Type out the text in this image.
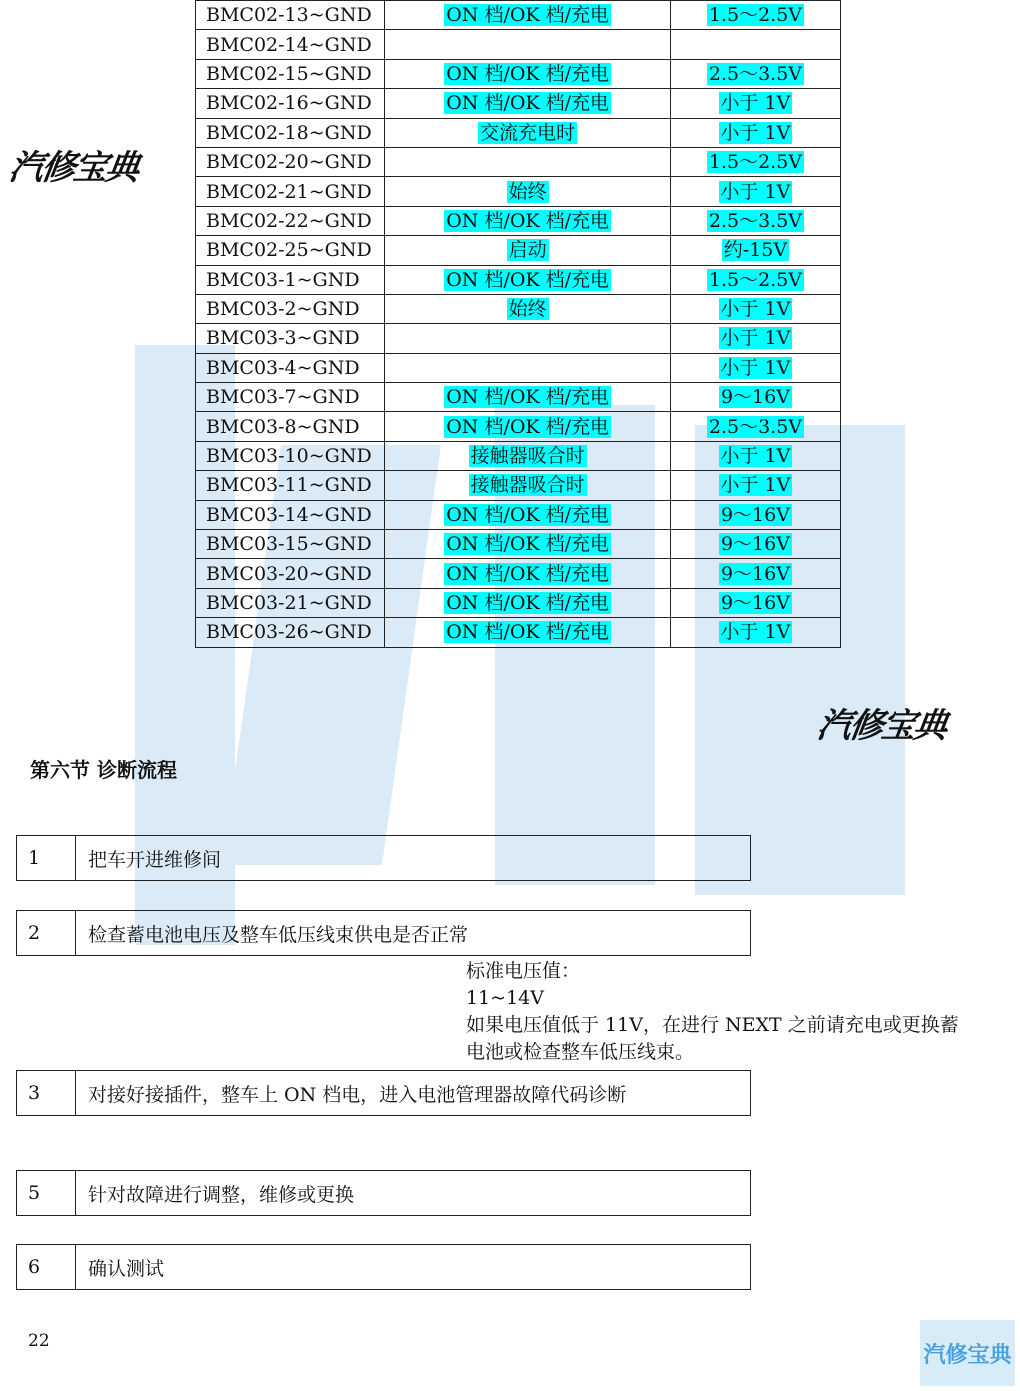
汽修宝典
汽修宝典
BMC02-13~GND	ON 档/OK 档/充电	1.5～2.5V
BMC02-14~GND		
BMC02-15~GND	ON 档/OK 档/充电	2.5～3.5V
BMC02-16~GND	ON 档/OK 档/充电	小于 1V
BMC02-18~GND	交流充电时	小于 1V
BMC02-20~GND		1.5～2.5V
BMC02-21~GND	始终	小于 1V
BMC02-22~GND	ON 档/OK 档/充电	2.5～3.5V
BMC02-25~GND	启动	约-15V
BMC03-1~GND	ON 档/OK 档/充电	1.5～2.5V
BMC03-2~GND	始终	小于 1V
BMC03-3~GND		小于 1V
BMC03-4~GND		小于 1V
BMC03-7~GND	ON 档/OK 档/充电	9～16V
BMC03-8~GND	ON 档/OK 档/充电	2.5～3.5V
BMC03-10~GND	接触器吸合时	小于 1V
BMC03-11~GND	接触器吸合时	小于 1V
BMC03-14~GND	ON 档/OK 档/充电	9～16V
BMC03-15~GND	ON 档/OK 档/充电	9～16V
BMC03-20~GND	ON 档/OK 档/充电	9～16V
BMC03-21~GND	ON 档/OK 档/充电	9～16V
BMC03-26~GND	ON 档/OK 档/充电	小于 1V
第六节 诊断流程
1	把车开进维修间
2	检查蓄电池电压及整车低压线束供电是否正常
标准电压值：
11~14V
如果电压值低于 11V，在进行 NEXT 之前请充电或更换蓄
电池或检查整车低压线束。
3	对接好接插件，整车上 ON 档电，进入电池管理器故障代码诊断
5	针对故障进行调整，维修或更换
6	确认测试
22
汽修宝典
